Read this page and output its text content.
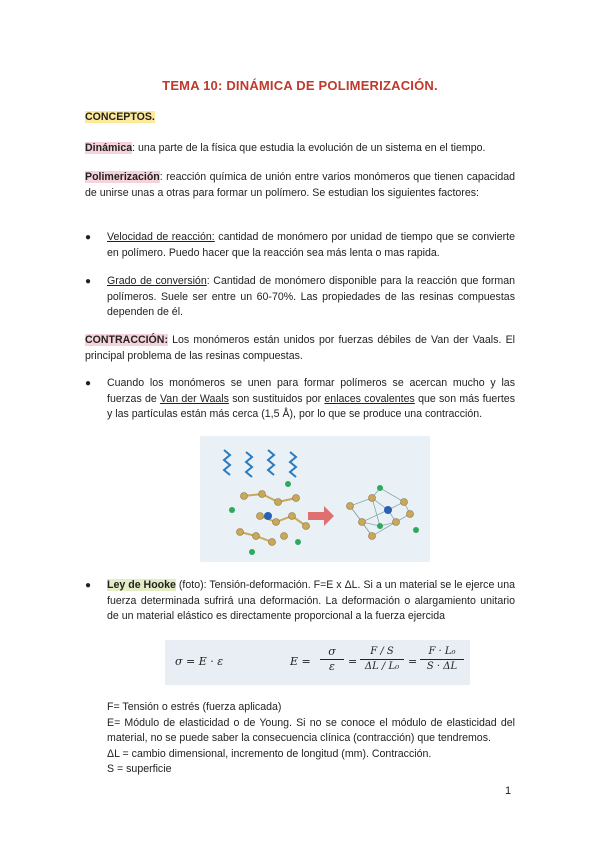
TEMA 10: DINÁMICA DE POLIMERIZACIÓN.
CONCEPTOS.
Dinámica: una parte de la física que estudia la evolución de un sistema en el tiempo.
Polimerización: reacción química de unión entre varios monómeros que tienen capacidad de unirse unas a otras para formar un polímero. Se estudian los siguientes factores:
●	Velocidad de reacción: cantidad de monómero por unidad de tiempo que se convierte en polímero. Puedo hacer que la reacción sea más lenta o mas rapida.
●	Grado de conversión: Cantidad de monómero disponible para la reacción que forman polímeros. Suele ser entre un 60-70%. Las propiedades de las resinas compuestas dependen de él.
CONTRACCIÓN: Los monómeros están unidos por fuerzas débiles de Van der Vaals. El principal problema de las resinas compuestas.
●	Cuando los monómeros se unen para formar polímeros se acercan mucho y las fuerzas de Van der Waals son sustituidos por enlaces covalentes que son más fuertes y las partículas están más cerca (1,5 Å), por lo que se produce una contracción.
●	Ley de Hooke (foto): Tensión-deformación. F=E x ΔL. Si a un material se le ejerce una fuerza determinada sufrirá una deformación. La deformación o alargamiento unitario de un material elástico es directamente proporcional a la fuerza ejercida
σ = E · ε	E =
σ
ε	=
F / S
ΔL / L₀ =
F · L₀
S · ΔL
F= Tensión o estrés (fuerza aplicada)
E= Módulo de elasticidad o de Young. Si no se conoce el módulo de elasticidad del material, no se puede saber la consecuencia clínica (contracción) que tendremos.
ΔL = cambio dimensional, incremento de longitud (mm). Contracción.
S = superficie
1
